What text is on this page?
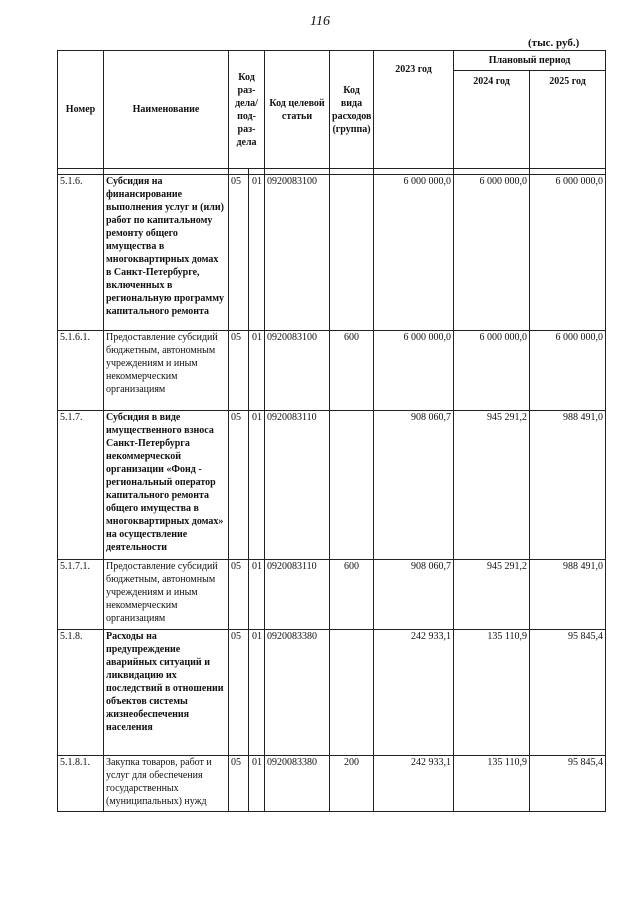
116
(тыс. руб.)
Номер	Наименование	Код раз-дела/ под-раз-дела		Код целевой статьи	Код вида расходов (группа)	2023 год	Плановый период	
							2024 год	2025 год

5.1.6.	Субсидия на финансирование выполнения услуг и (или) работ по капитальному ремонту общего имущества в многоквартирных домах в Санкт-Петербурге, включенных в региональную программу капитального ремонта	05	01	0920083100		6 000 000,0	6 000 000,0	6 000 000,0
5.1.6.1.	Предоставление субсидий бюджетным, автономным учреждениям и иным некоммерческим организациям	05	01	0920083100	600	6 000 000,0	6 000 000,0	6 000 000,0
5.1.7.	Субсидия в виде имущественного взноса Санкт-Петербурга некоммерческой организации «Фонд - региональный оператор капитального ремонта общего имущества в многоквартирных домах» на осуществление деятельности	05	01	0920083110		908 060,7	945 291,2	988 491,0
5.1.7.1.	Предоставление субсидий бюджетным, автономным учреждениям и иным некоммерческим организациям	05	01	0920083110	600	908 060,7	945 291,2	988 491,0
5.1.8.	Расходы на предупреждение аварийных ситуаций и ликвидацию их последствий в отношении объектов системы жизнеобеспечения населения	05	01	0920083380		242 933,1	135 110,9	95 845,4
5.1.8.1.	Закупка товаров, работ и услуг для обеспечения государственных (муниципальных) нужд	05	01	0920083380	200	242 933,1	135 110,9	95 845,4
